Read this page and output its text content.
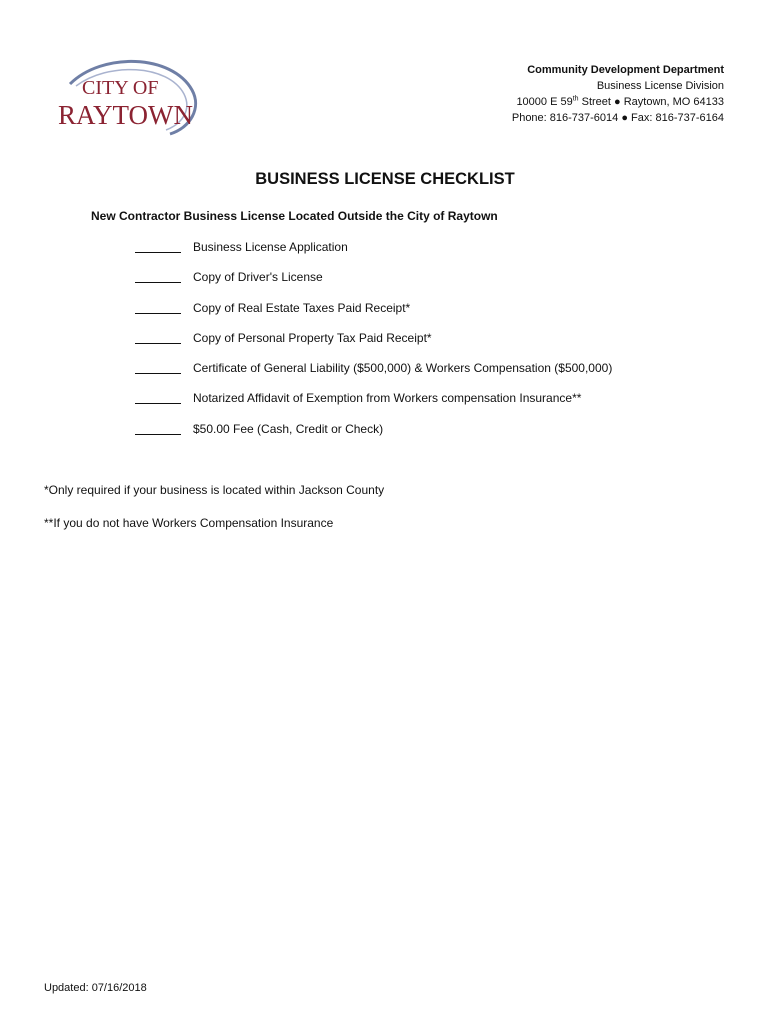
CITY OF
RAYTOWN
Community Development Department
Business License Division
10000 E 59th Street ● Raytown, MO 64133
Phone: 816-737-6014 ● Fax: 816-737-6164
BUSINESS LICENSE CHECKLIST
New Contractor Business License Located Outside the City of Raytown
Business License Application
Copy of Driver's License
Copy of Real Estate Taxes Paid Receipt*
Copy of Personal Property Tax Paid Receipt*
Certificate of General Liability ($500,000) & Workers Compensation ($500,000)
Notarized Affidavit of Exemption from Workers compensation Insurance**
$50.00 Fee (Cash, Credit or Check)
*Only required if your business is located within Jackson County
**If you do not have Workers Compensation Insurance
Updated: 07/16/2018
